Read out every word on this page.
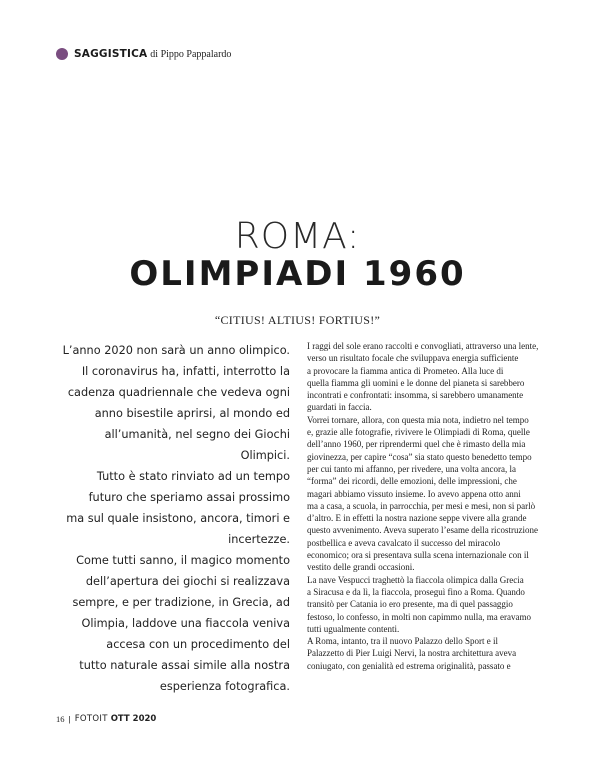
SAGGISTICA di Pippo Pappalardo
ROMA:
OLIMPIADI 1960
“CITIUS! ALTIUS! FORTIUS!”

L’anno 2020 non sarà un anno olimpico.

Il coronavirus ha, infatti, interrotto la

cadenza quadriennale che vedeva ogni

anno bisestile aprirsi, al mondo ed

all’umanità, nel segno dei Giochi Olimpici.

Tutto è stato rinviato ad un tempo

futuro che speriamo assai prossimo

ma sul quale insistono, ancora, timori e

incertezze.

Come tutti sanno, il magico momento

dell’apertura dei giochi si realizzava

sempre, e per tradizione, in Grecia, ad

Olimpia, laddove una fiaccola veniva

accesa con un procedimento del

tutto naturale assai simile alla nostra

esperienza fotografica.

I raggi del sole erano raccolti e convogliati, attraverso una lente,

verso un risultato focale che sviluppava energia sufficiente

a provocare la fiamma antica di Prometeo. Alla luce di

quella fiamma gli uomini e le donne del pianeta si sarebbero

incontrati e confrontati: insomma, si sarebbero umanamente

guardati in faccia.

Vorrei tornare, allora, con questa mia nota, indietro nel tempo

e, grazie alle fotografie, rivivere le Olimpiadi di Roma, quelle

dell’anno 1960, per riprendermi quel che è rimasto della mia

giovinezza, per capire “cosa” sia stato questo benedetto tempo

per cui tanto mi affanno, per rivedere, una volta ancora, la

“forma” dei ricordi, delle emozioni, delle impressioni, che

magari abbiamo vissuto insieme. Io avevo appena otto anni

ma a casa, a scuola, in parrocchia, per mesi e mesi, non si parlò

d’altro. E in effetti la nostra nazione seppe vivere alla grande

questo avvenimento. Aveva superato l’esame della ricostruzione

postbellica e aveva cavalcato il successo del miracolo

economico; ora si presentava sulla scena internazionale con il

vestito delle grandi occasioni.

La nave Vespucci traghettò la fiaccola olimpica dalla Grecia

a Siracusa e da lì, la fiaccola, proseguì fino a Roma. Quando

transitò per Catania io ero presente, ma di quel passaggio

festoso, lo confesso, in molti non capimmo nulla, ma eravamo

tutti ugualmente contenti.

A Roma, intanto, tra il nuovo Palazzo dello Sport e il

Palazzetto di Pier Luigi Nervi, la nostra architettura aveva

coniugato, con genialità ed estrema originalità, passato e

16 | FOTOIT OTT 2020
